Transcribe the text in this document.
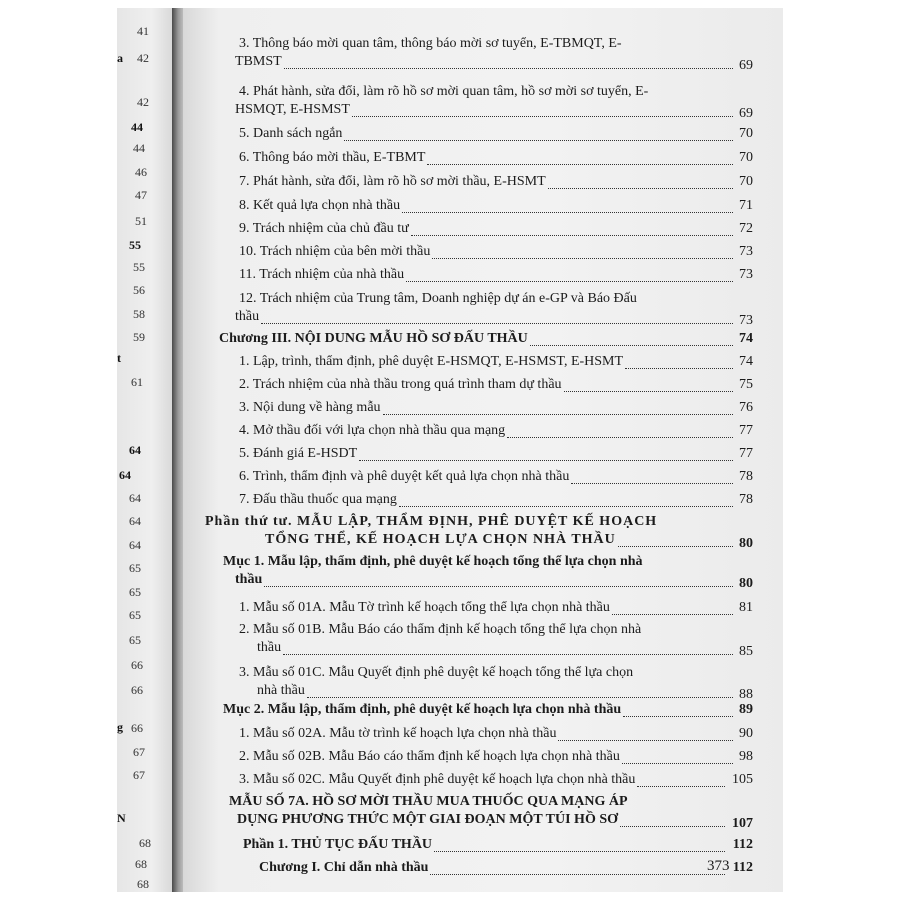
41
a 42
42
44
44
46
47
51
55
55
56
58
59
t
61
64
64
64
64
64
65
65
65
65
66
66
g 66
67
67
N
68
68
68
3. Thông báo mời quan tâm, thông báo mời sơ tuyển, E-TBMQT, E-
TBMST	69
4. Phát hành, sửa đổi, làm rõ hồ sơ mời quan tâm, hồ sơ mời sơ tuyển, E-
HSMQT, E-HSMST	69
5. Danh sách ngắn	70
6. Thông báo mời thầu, E-TBMT	70
7. Phát hành, sửa đổi, làm rõ hồ sơ mời thầu, E-HSMT	70
8. Kết quả lựa chọn nhà thầu	71
9. Trách nhiệm của chủ đầu tư	72
10. Trách nhiệm của bên mời thầu	73
11. Trách nhiệm của nhà thầu	73
12. Trách nhiệm của Trung tâm, Doanh nghiệp dự án e-GP và Báo Đấu
thầu	73
Chương III. NỘI DUNG MẪU HỒ SƠ ĐẤU THẦU	74
1. Lập, trình, thẩm định, phê duyệt E-HSMQT, E-HSMST, E-HSMT	74
2. Trách nhiệm của nhà thầu trong quá trình tham dự thầu	75
3. Nội dung về hàng mẫu	76
4. Mở thầu đối với lựa chọn nhà thầu qua mạng	77
5. Đánh giá E-HSDT	77
6. Trình, thẩm định và phê duyệt kết quả lựa chọn nhà thầu	78
7. Đấu thầu thuốc qua mạng	78
Phần thứ tư. MẪU LẬP, THẨM ĐỊNH, PHÊ DUYỆT KẾ HOẠCH
TỔNG THỂ, KẾ HOẠCH LỰA CHỌN NHÀ THẦU	80
Mục 1. Mẫu lập, thẩm định, phê duyệt kế hoạch tổng thể lựa chọn nhà
thầu	80
1. Mẫu số 01A. Mẫu Tờ trình kế hoạch tổng thể lựa chọn nhà thầu	81
2. Mẫu số 01B. Mẫu Báo cáo thẩm định kế hoạch tổng thể lựa chọn nhà
thầu	85
3. Mẫu số 01C. Mẫu Quyết định phê duyệt kế hoạch tổng thể lựa chọn
nhà thầu	88
Mục 2. Mẫu lập, thẩm định, phê duyệt kế hoạch lựa chọn nhà thầu	89
1. Mẫu số 02A. Mẫu tờ trình kế hoạch lựa chọn nhà thầu	90
2. Mẫu số 02B. Mẫu Báo cáo thẩm định kế hoạch lựa chọn nhà thầu	98
3. Mẫu số 02C. Mẫu Quyết định phê duyệt kế hoạch lựa chọn nhà thầu	105
MẪU SỐ 7A. HỒ SƠ MỜI THẦU MUA THUỐC QUA MẠNG ÁP
DỤNG PHƯƠNG THỨC MỘT GIAI ĐOẠN MỘT TÚI HỒ SƠ	107
Phần 1. THỦ TỤC ĐẤU THẦU	112
Chương I. Chỉ dẫn nhà thầu	112
373
